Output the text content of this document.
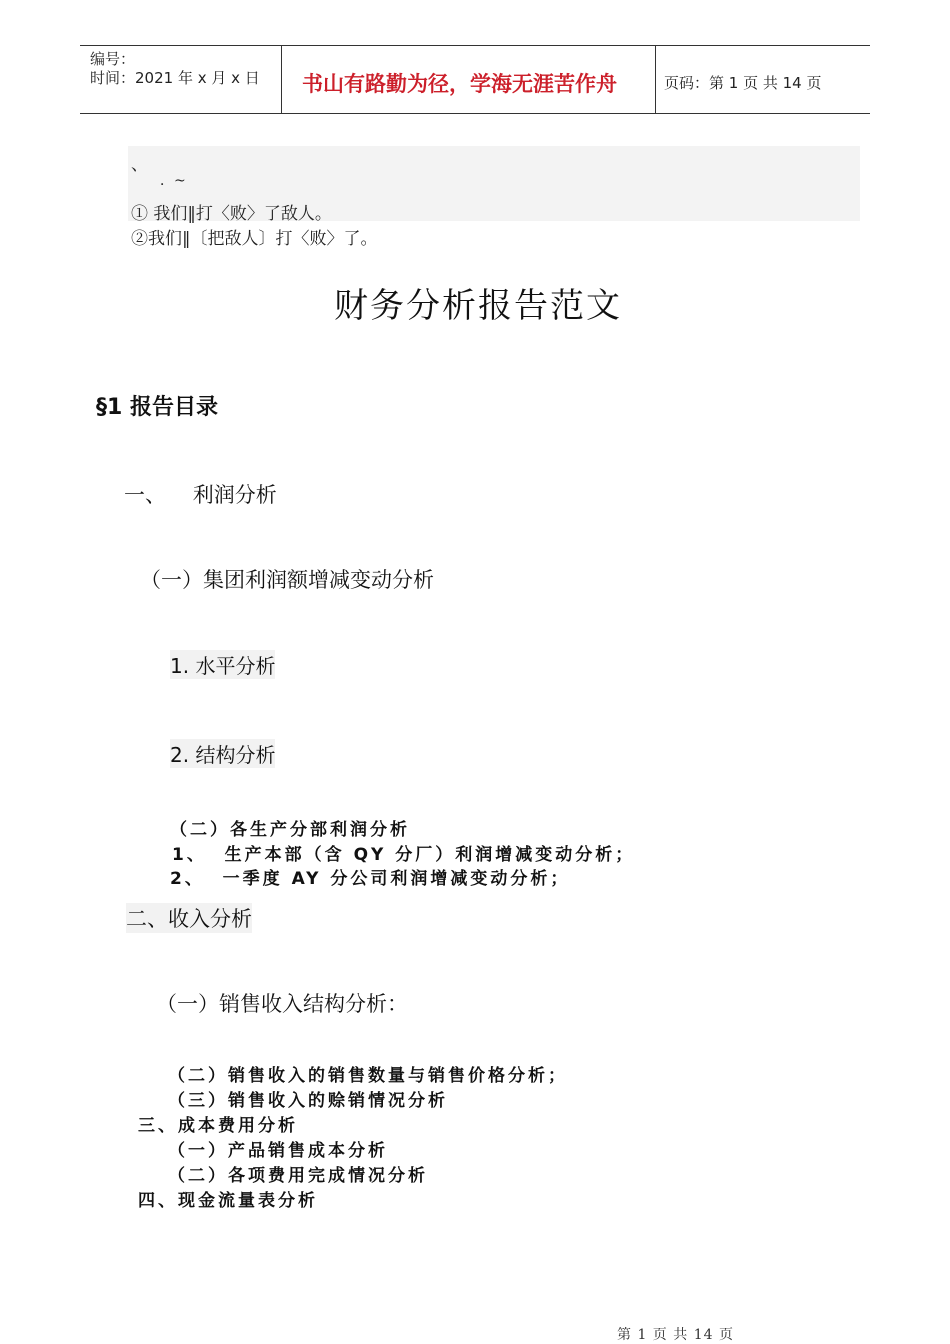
编号：
时间：2021 年 x 月 x 日 书山有路勤为径，学海无涯苦作舟	页码：第 1 页 共 14 页
、
．~
① 我们‖打〈败〉了敌人。
②我们‖〔把敌人〕打〈败〉了。
财务分析报告范文
§1 报告目录
一、    利润分析
（一）集团利润额增减变动分析
1. 水平分析
2. 结构分析
（二）各生产分部利润分析
1、  生产本部（含 QY 分厂）利润增减变动分析；
2、  一季度 AY 分公司利润增减变动分析；
二、收入分析
（一）销售收入结构分析：
（二）销售收入的销售数量与销售价格分析；
（三）销售收入的赊销情况分析
三、成本费用分析
（一）产品销售成本分析
（二）各项费用完成情况分析
四、现金流量表分析
第 1 页 共 14 页
